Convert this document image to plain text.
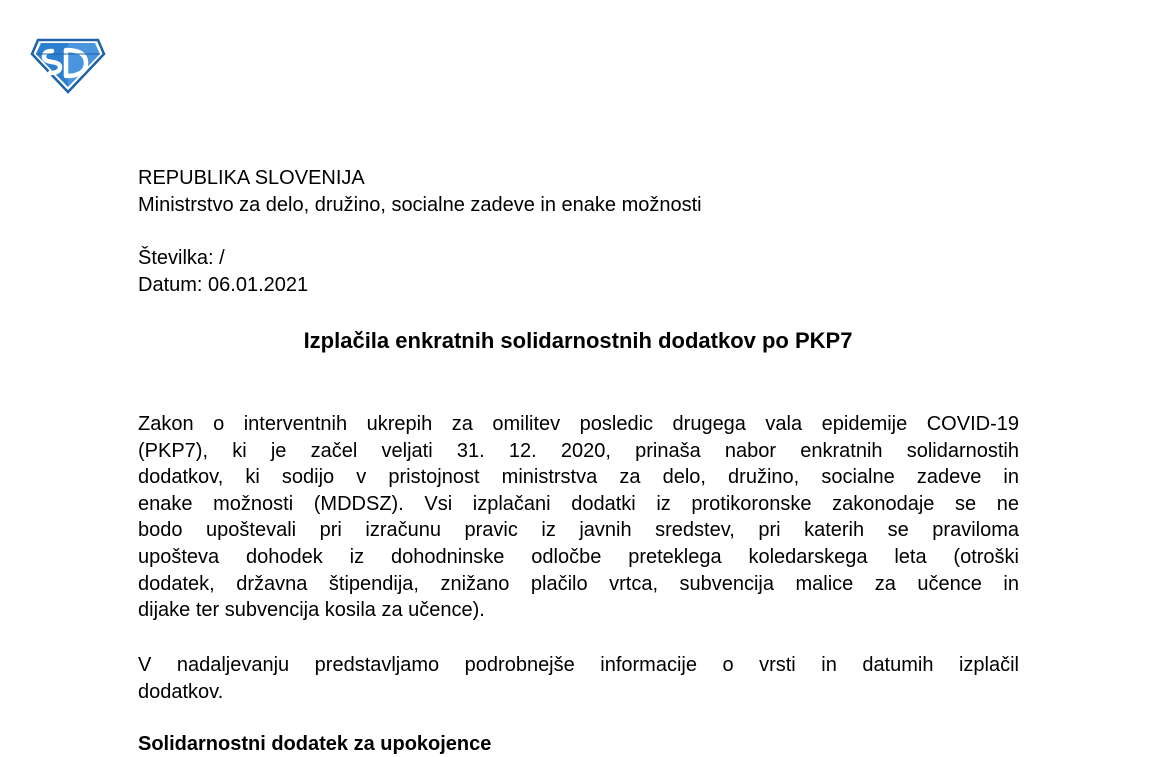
REPUBLIKA SLOVENIJA
Ministrstvo za delo, družino, socialne zadeve in enake možnosti
Številka: /
Datum: 06.01.2021
Izplačila enkratnih solidarnostnih dodatkov po PKP7
Zakon o interventnih ukrepih za omilitev posledic drugega vala epidemije COVID-19
(PKP7), ki je začel veljati 31. 12. 2020, prinaša nabor enkratnih solidarnostih
dodatkov, ki sodijo v pristojnost ministrstva za delo, družino, socialne zadeve in
enake možnosti (MDDSZ). Vsi izplačani dodatki iz protikoronske zakonodaje se ne
bodo upoštevali pri izračunu pravic iz javnih sredstev, pri katerih se praviloma
upošteva dohodek iz dohodninske odločbe preteklega koledarskega leta (otroški
dodatek, državna štipendija, znižano plačilo vrtca, subvencija malice za učence in
dijake ter subvencija kosila za učence).
V nadaljevanju predstavljamo podrobnejše informacije o vrsti in datumih izplačil
dodatkov.
Solidarnostni dodatek za upokojence
